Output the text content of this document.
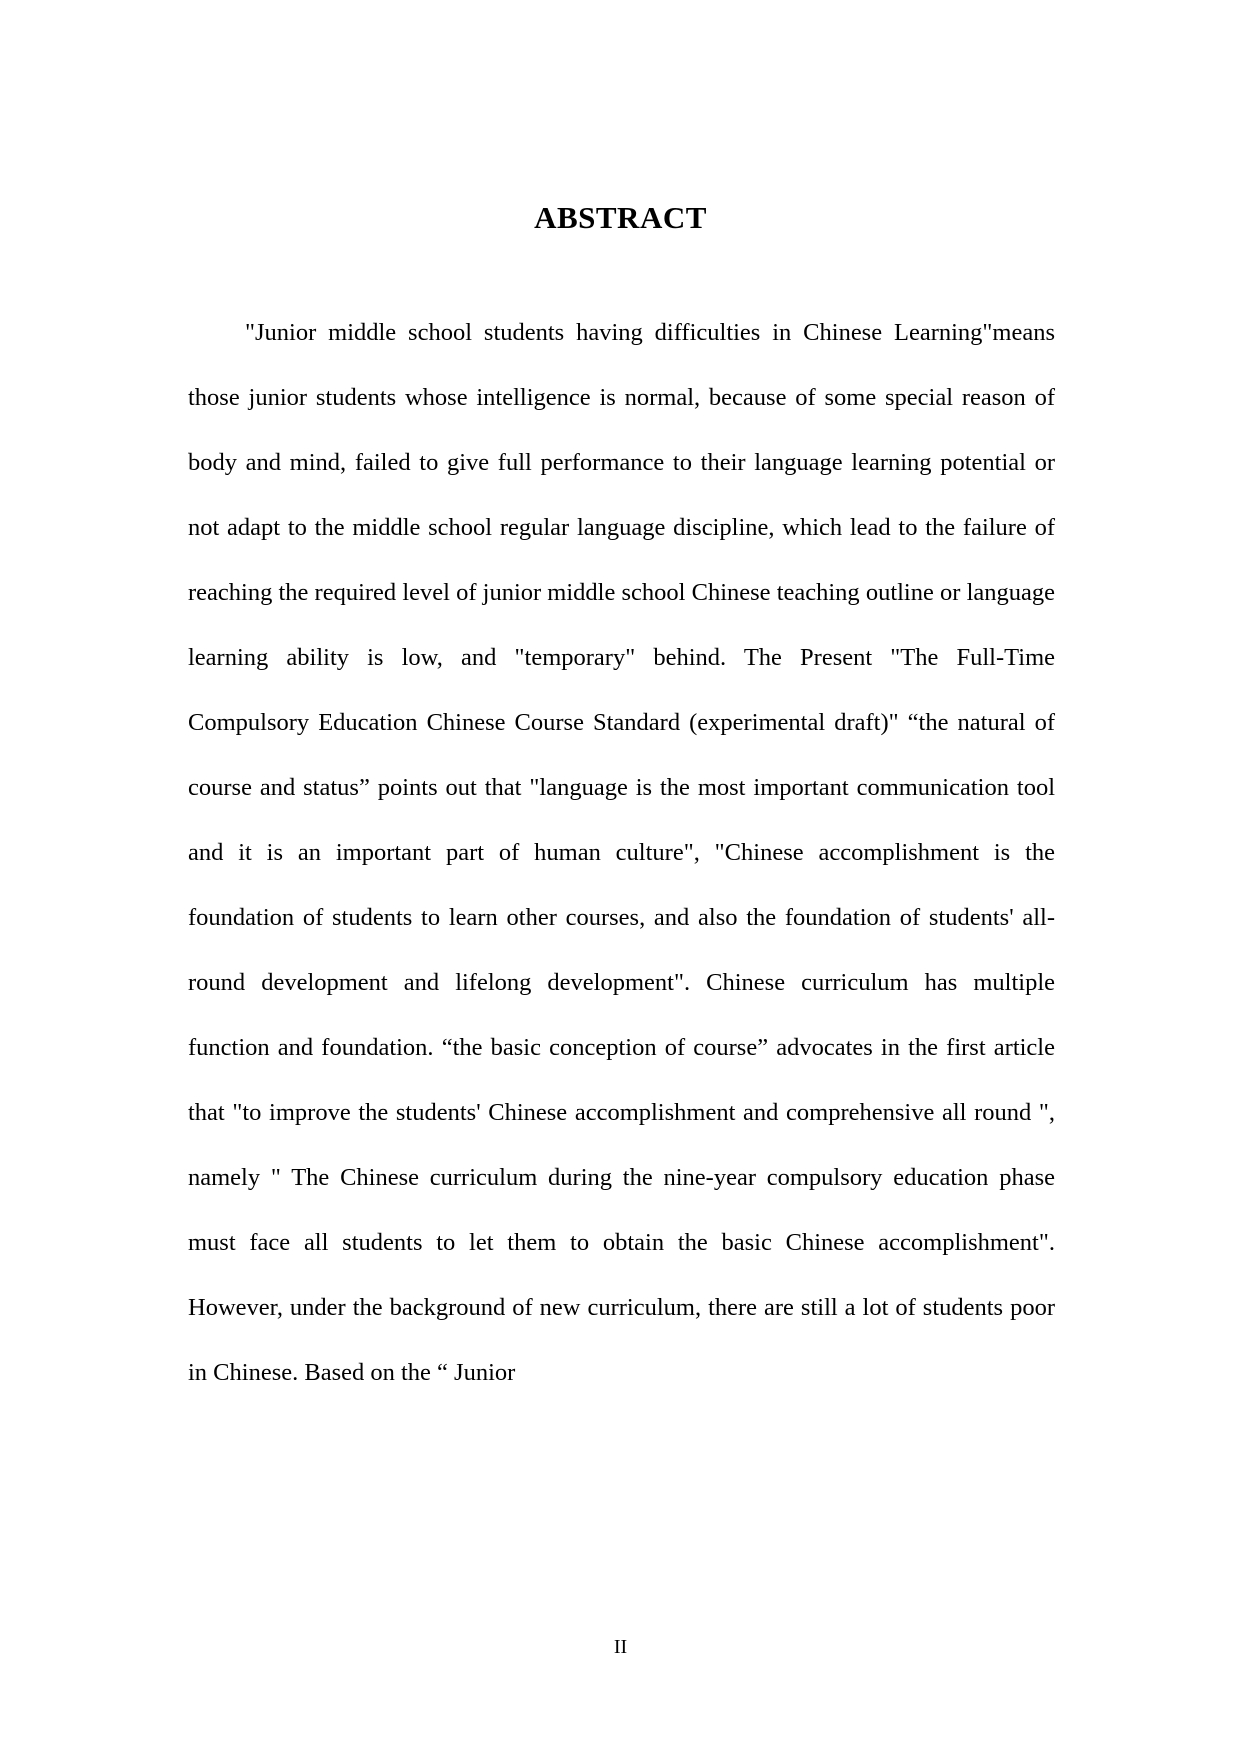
ABSTRACT

"Junior middle school students having difficulties in Chinese Learning"means those junior students whose intelligence is normal, because of some special reason of body and mind, failed to give full performance to their language learning potential or not adapt to the middle school regular language discipline, which lead to the failure of reaching the required level of junior middle school Chinese teaching outline or language learning ability is low, and "temporary" behind. The Present "The Full-Time Compulsory Education Chinese Course Standard (experimental draft)" “the natural of course and status” points out that "language is the most important communication tool and it is an important part of human culture", "Chinese accomplishment is the foundation of students to learn other courses, and also the foundation of students' all-round development and lifelong development". Chinese curriculum has multiple function and foundation. “the basic conception of course” advocates in the first article that "to improve the students' Chinese accomplishment and comprehensive all round ", namely " The Chinese curriculum during the nine-year compulsory education phase must face all students to let them to obtain the basic Chinese accomplishment". However, under the background of new curriculum, there are still a lot of students poor in Chinese. Based on the “ Junior

II
